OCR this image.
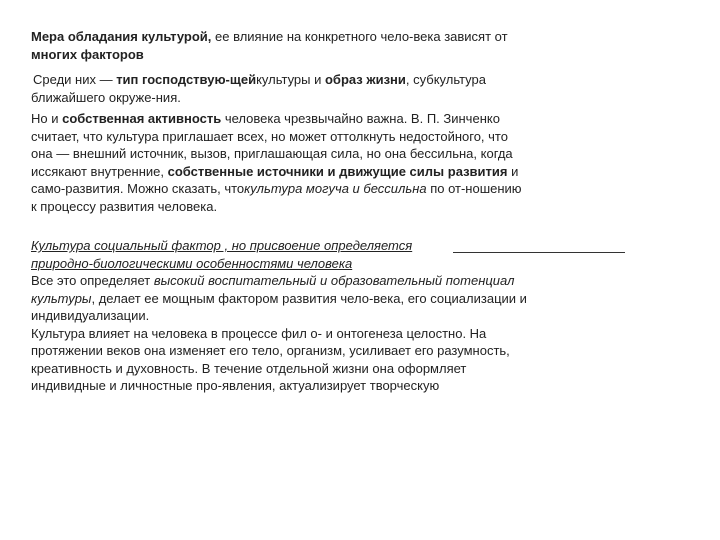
Мера обладания культурой, ее влияние на конкретного чело-века зависят от
многих факторов
Среди них — тип господствую-щейкультуры и образ жизни, субкультура
ближайшего окруже-ния.
Но и собственная активность человека чрезвычайно важна. В. П. Зинченко
считает, что культура приглашает всех, но может оттолкнуть недостойного, что
она — внешний источник, вызов, приглашающая сила, но она бессильна, когда
иссякают внутренние, собственные источники и движущие силы развития и
само-развития. Можно сказать, чтокультура могуча и бессильна по от-ношению
к процессу развития человека.
Культура социальный фактор , но присвоение определяется
природно-биологическими особенностями человека
Все это определяет высокий воспитательный и образовательный потенциал
культуры, делает ее мощным фактором развития чело-века, его социализации и
индивидуализации.
Культура влияет на человека в процессе фил о- и онтогенеза целостно. На
протяжении веков она изменяет его тело, организм, усиливает его разумность,
креативность и духовность. В течение отдельной жизни она оформляет
индивидные и личностные про-явления, актуализирует творческую
